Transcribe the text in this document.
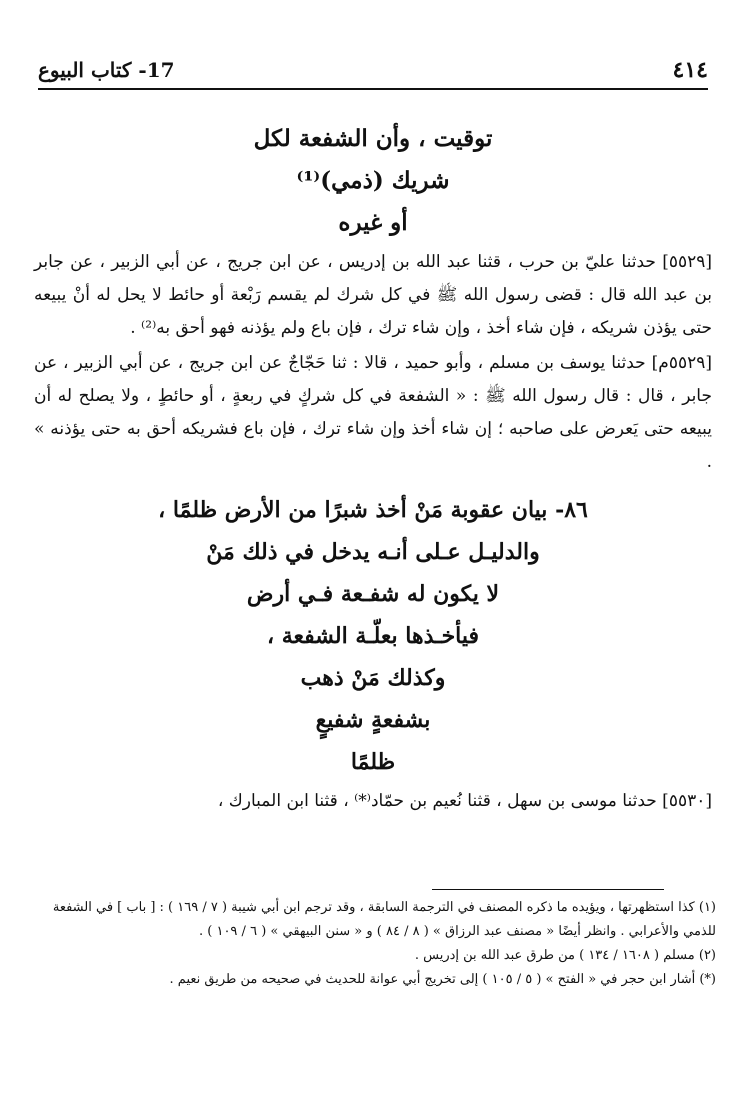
17- كتاب البيوع	٤١٤

توقيت ، وأن الشفعة لكل

شريك (ذمي)⁽¹⁾

أو غيره

[٥٥٢٩] حدثنا عليّ بن حرب ، قثنا عبد الله بن إدريس ، عن ابن جريج ، عن أبي الزبير ، عن جابر بن عبد الله قال : قضى رسول الله ﷺ في كل شرك لم يقسم رَبْعة أو حائط لا يحل له أنْ يبيعه حتى يؤذن شريكه ، فإن شاء أخذ ، وإن شاء ترك ، فإن باع ولم يؤذنه فهو أحق به⁽²⁾ .

[٥٥٢٩م] حدثنا يوسف بن مسلم ، وأبو حميد ، قالا : ثنا حَجّاجٌ عن ابن جريج ، عن أبي الزبير ، عن جابر ، قال : قال رسول الله ﷺ : « الشفعة في كل شركٍ في ربعةٍ ، أو حائطٍ ، ولا يصلح له أن يبيعه حتى يَعرض على صاحبه ؛ إن شاء أخذ وإن شاء ترك ، فإن باع فشريكه أحق به حتى يؤذنه » .

٨٦- بيان عقوبة مَنْ أخذ شبرًا من الأرض ظلمًا ،

والدليـل عـلى أنـه يدخل في ذلك مَنْ

لا يكون له شفـعة فـي أرض

فيأخـذها بعلّـة الشفعة ،

وكذلك مَنْ ذهب

بشفعةٍ شفيعٍ

ظلمًا

[٥٥٣٠] حدثنا موسى بن سهل ، قثنا نُعيم بن حمّاد⁽*⁾ ، قثنا ابن المبارك ،

(١) كذا استظهرتها ، ويؤيده ما ذكره المصنف في الترجمة السابقة ، وقد ترجم ابن أبي شيبة ( ٧ / ١٦٩ ) : [ باب ] في الشفعة للذمي والأعرابي . وانظر أيضًا « مصنف عبد الرزاق » ( ٨ / ٨٤ ) و « سنن البيهقي » ( ٦ / ١٠٩ ) .

(٢) مسلم ( ١٦٠٨ / ١٣٤ ) من طرق عبد الله بن إدريس .

(*) أشار ابن حجر في « الفتح » ( ٥ / ١٠٥ ) إلى تخريج أبي عوانة للحديث في صحيحه من طريق نعيم .
